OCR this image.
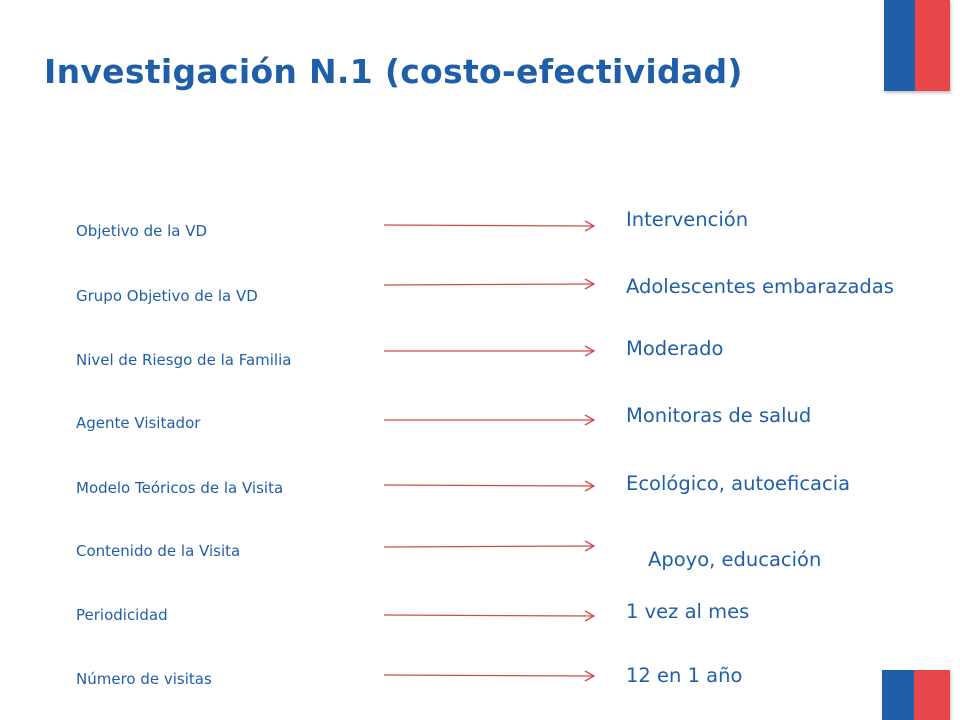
Investigación N.1 (costo-efectividad)
Objetivo de la VD	Intervención
Grupo Objetivo de la VD	Adolescentes embarazadas
Nivel de Riesgo de la Familia	Moderado
Agente Visitador	Monitoras de salud
Modelo Teóricos de la Visita	Ecológico, autoeficacia
Contenido de la Visita	Apoyo, educación
Periodicidad	1 vez al mes
Número de visitas	12 en 1 año
